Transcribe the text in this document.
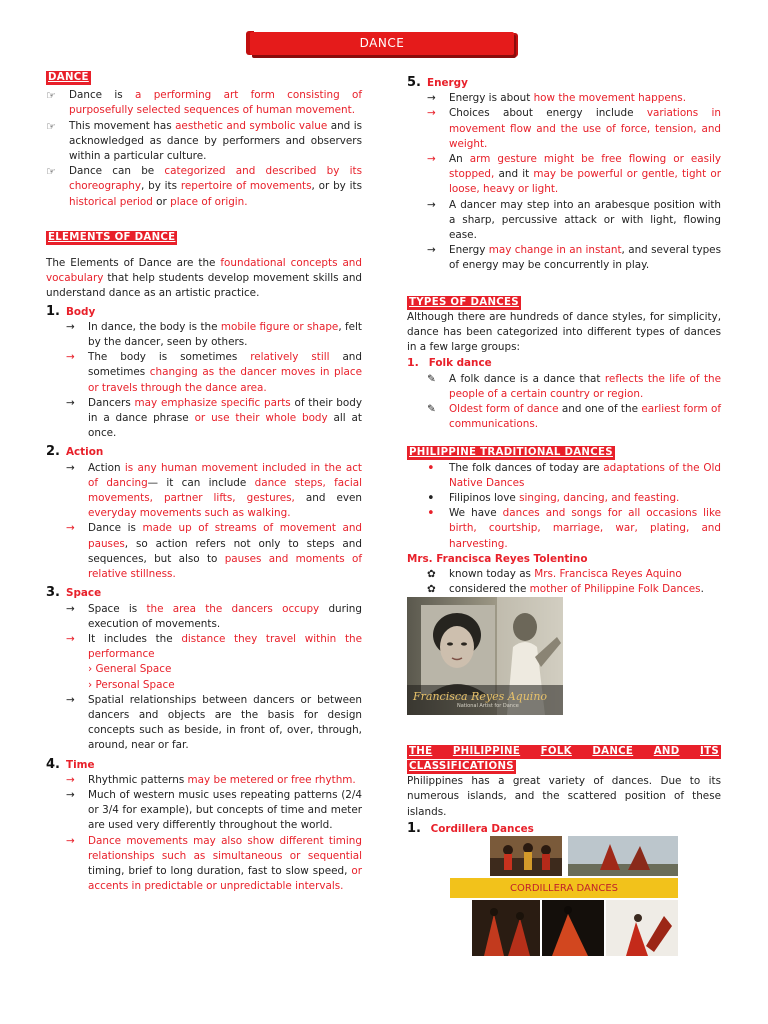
DANCE
DANCE
☞	Dance is a performing art form consisting of purposefully selected sequences of human movement.
☞	This movement has aesthetic and symbolic value and is acknowledged as dance by performers and observers within a particular culture.
☞	Dance can be categorized and described by its choreography, by its repertoire of movements, or by its historical period or place of origin.
ELEMENTS OF DANCE
The Elements of Dance are the foundational concepts and vocabulary that help students develop movement skills and understand dance as an artistic practice.
1. Body
→ In dance, the body is the mobile figure or shape, felt by the dancer, seen by others.
→ The body is sometimes relatively still and sometimes changing as the dancer moves in place or travels through the dance area.
→ Dancers may emphasize specific parts of their body in a dance phrase or use their whole body all at once.
2. Action
→ Action is any human movement included in the act of dancing— it can include dance steps, facial movements, partner lifts, gestures, and even everyday movements such as walking.
→ Dance is made up of streams of movement and pauses, so action refers not only to steps and sequences, but also to pauses and moments of relative stillness.
3. Space
→ Space is the area the dancers occupy during execution of movements.
→ It includes the distance they travel within the performance
› General Space
› Personal Space
→ Spatial relationships between dancers or between dancers and objects are the basis for design concepts such as beside, in front of, over, through, around, near or far.
4. Time
→ Rhythmic patterns may be metered or free rhythm.
→ Much of western music uses repeating patterns (2/4 or 3/4 for example), but concepts of time and meter are used very differently throughout the world.
→ Dance movements may also show different timing relationships such as simultaneous or sequential timing, brief to long duration, fast to slow speed, or accents in predictable or unpredictable intervals.
5. Energy
→ Energy is about how the movement happens.
→ Choices about energy include variations in movement flow and the use of force, tension, and weight.
→ An arm gesture might be free flowing or easily stopped, and it may be powerful or gentle, tight or loose, heavy or light.
→ A dancer may step into an arabesque position with a sharp, percussive attack or with light, flowing ease.
→ Energy may change in an instant, and several types of energy may be concurrently in play.
TYPES OF DANCES
Although there are hundreds of dance styles, for simplicity, dance has been categorized into different types of dances in a few large groups:
1. Folk dance
✎ A folk dance is a dance that reflects the life of the people of a certain country or region.
✎ Oldest form of dance and one of the earliest form of communications.
PHILIPPINE TRADITIONAL DANCES
• The folk dances of today are adaptations of the Old Native Dances
• Filipinos love singing, dancing, and feasting.
• We have dances and songs for all occasions like birth, courtship, marriage, war, plating, and harvesting.
Mrs. Francisca Reyes Tolentino
✿ known today as Mrs. Francisca Reyes Aquino
✿ considered the mother of Philippine Folk Dances.
Francisca Reyes Aquino
National Artist for Dance
THE PHILIPPINE FOLK DANCE AND ITS
CLASSIFICATIONS
Philippines has a great variety of dances. Due to its numerous islands, and the scattered position of these islands.
1. Cordillera Dances
CORDILLERA DANCES
